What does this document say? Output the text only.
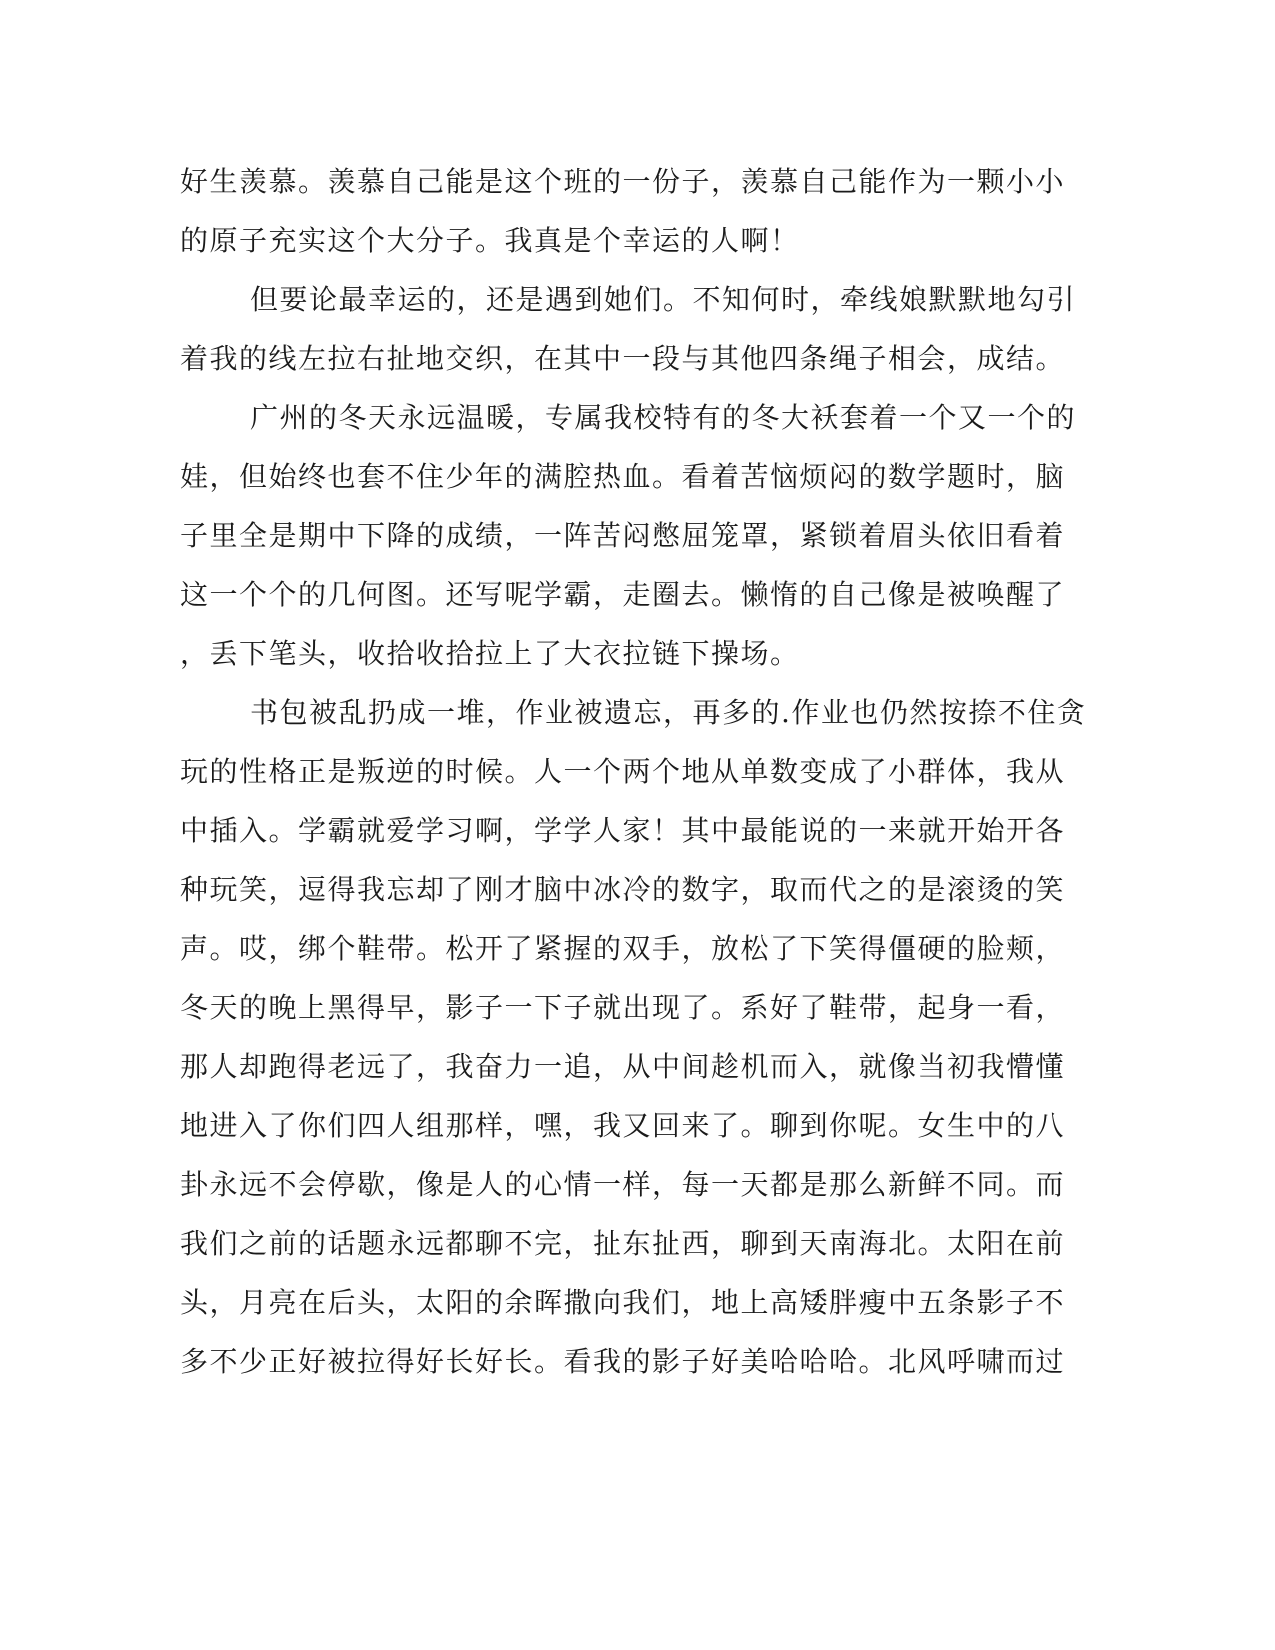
好生羡慕。羡慕自己能是这个班的一份子，羡慕自己能作为一颗小小
的原子充实这个大分子。我真是个幸运的人啊！
但要论最幸运的，还是遇到她们。不知何时，牵线娘默默地勾引
着我的线左拉右扯地交织，在其中一段与其他四条绳子相会，成结。
广州的冬天永远温暖，专属我校特有的冬大袄套着一个又一个的
娃，但始终也套不住少年的满腔热血。看着苦恼烦闷的数学题时，脑
子里全是期中下降的成绩，一阵苦闷憋屈笼罩，紧锁着眉头依旧看着
这一个个的几何图。还写呢学霸，走圈去。懒惰的自己像是被唤醒了
，丢下笔头，收拾收拾拉上了大衣拉链下操场。
书包被乱扔成一堆，作业被遗忘，再多的.作业也仍然按捺不住贪
玩的性格正是叛逆的时候。人一个两个地从单数变成了小群体，我从
中插入。学霸就爱学习啊，学学人家！其中最能说的一来就开始开各
种玩笑，逗得我忘却了刚才脑中冰冷的数字，取而代之的是滚烫的笑
声。哎，绑个鞋带。松开了紧握的双手，放松了下笑得僵硬的脸颊，
冬天的晚上黑得早，影子一下子就出现了。系好了鞋带，起身一看，
那人却跑得老远了，我奋力一追，从中间趁机而入，就像当初我懵懂
地进入了你们四人组那样，嘿，我又回来了。聊到你呢。女生中的八
卦永远不会停歇，像是人的心情一样，每一天都是那么新鲜不同。而
我们之前的话题永远都聊不完，扯东扯西，聊到天南海北。太阳在前
头，月亮在后头，太阳的余晖撒向我们，地上高矮胖瘦中五条影子不
多不少正好被拉得好长好长。看我的影子好美哈哈哈。北风呼啸而过
